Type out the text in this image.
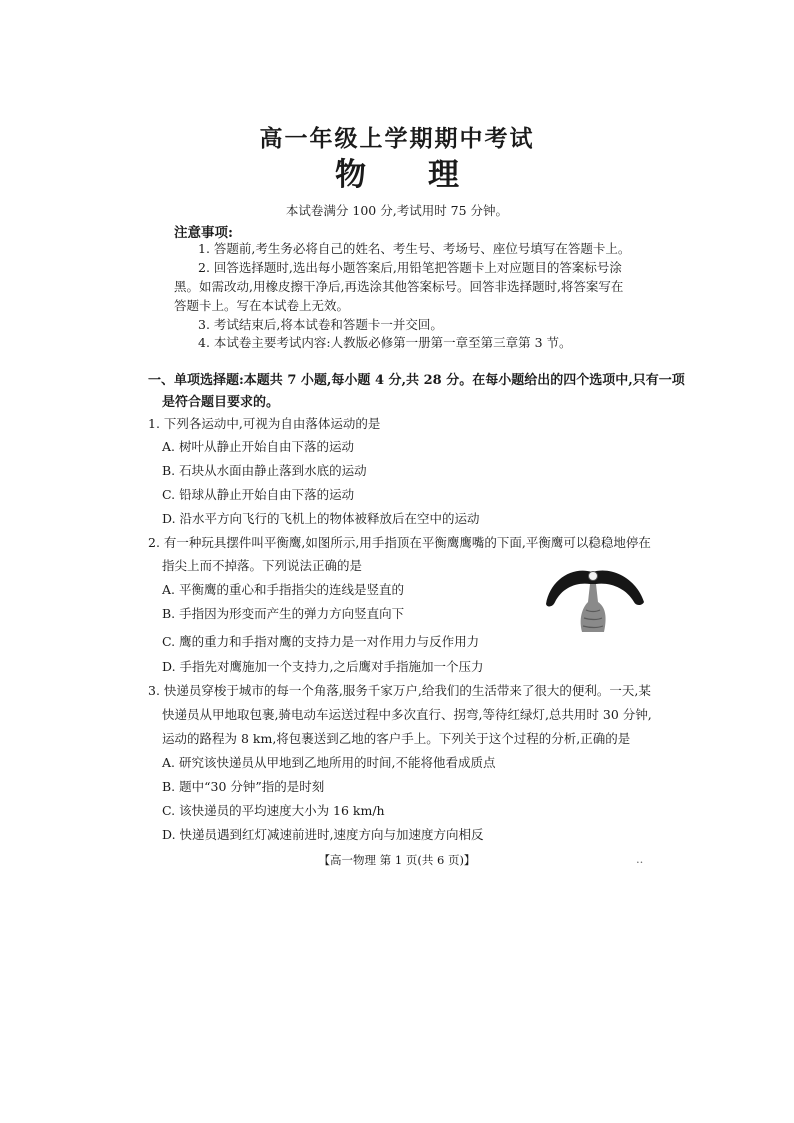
高一年级上学期期中考试
物 理
本试卷满分 100 分,考试用时 75 分钟。
注意事项:
1. 答题前,考生务必将自己的姓名、考生号、考场号、座位号填写在答题卡上。
2. 回答选择题时,选出每小题答案后,用铅笔把答题卡上对应题目的答案标号涂
黑。如需改动,用橡皮擦干净后,再选涂其他答案标号。回答非选择题时,将答案写在
答题卡上。写在本试卷上无效。
3. 考试结束后,将本试卷和答题卡一并交回。
4. 本试卷主要考试内容:人教版必修第一册第一章至第三章第 3 节。
一、单项选择题:本题共 7 小题,每小题 4 分,共 28 分。在每小题给出的四个选项中,只有一项
是符合题目要求的。
1. 下列各运动中,可视为自由落体运动的是
A. 树叶从静止开始自由下落的运动
B. 石块从水面由静止落到水底的运动
C. 铅球从静止开始自由下落的运动
D. 沿水平方向飞行的飞机上的物体被释放后在空中的运动
2. 有一种玩具摆件叫平衡鹰,如图所示,用手指顶在平衡鹰鹰嘴的下面,平衡鹰可以稳稳地停在
指尖上而不掉落。下列说法正确的是
A. 平衡鹰的重心和手指指尖的连线是竖直的
B. 手指因为形变而产生的弹力方向竖直向下
C. 鹰的重力和手指对鹰的支持力是一对作用力与反作用力
D. 手指先对鹰施加一个支持力,之后鹰对手指施加一个压力
3. 快递员穿梭于城市的每一个角落,服务千家万户,给我们的生活带来了很大的便利。一天,某
快递员从甲地取包裹,骑电动车运送过程中多次直行、拐弯,等待红绿灯,总共用时 30 分钟,
运动的路程为 8 km,将包裹送到乙地的客户手上。下列关于这个过程的分析,正确的是
A. 研究该快递员从甲地到乙地所用的时间,不能将他看成质点
B. 题中“30 分钟”指的是时刻
C. 该快递员的平均速度大小为 16 km/h
D. 快递员遇到红灯减速前进时,速度方向与加速度方向相反
【高一物理 第 1 页(共 6 页)】	..
